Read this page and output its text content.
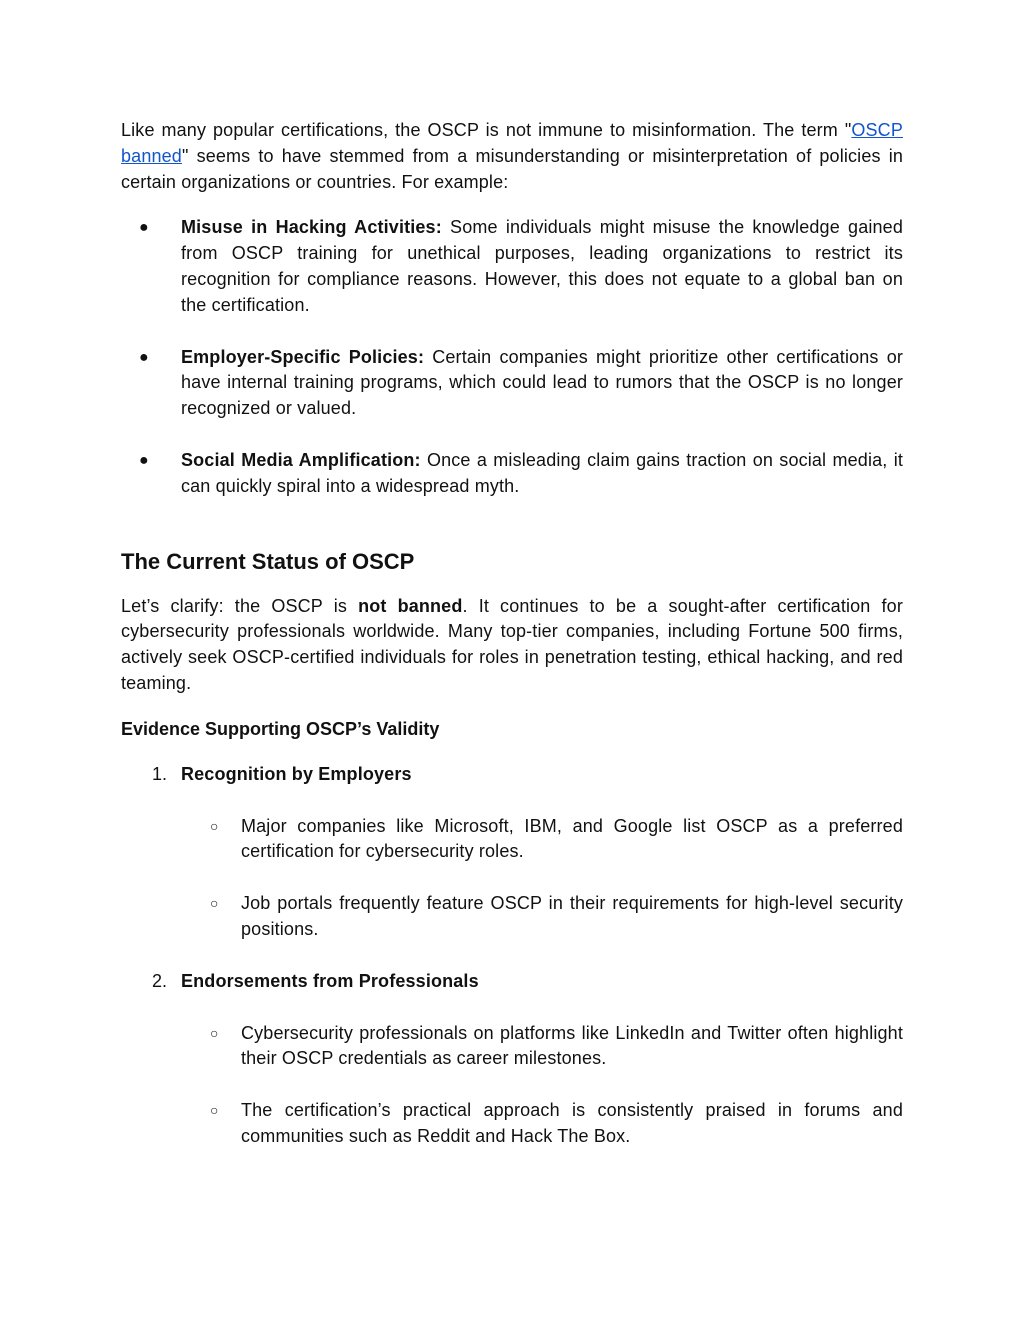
Like many popular certifications, the OSCP is not immune to misinformation. The term "OSCP banned" seems to have stemmed from a misunderstanding or misinterpretation of policies in certain organizations or countries. For example:

● Misuse in Hacking Activities: Some individuals might misuse the knowledge gained from OSCP training for unethical purposes, leading organizations to restrict its recognition for compliance reasons. However, this does not equate to a global ban on the certification.

● Employer-Specific Policies: Certain companies might prioritize other certifications or have internal training programs, which could lead to rumors that the OSCP is no longer recognized or valued.

● Social Media Amplification: Once a misleading claim gains traction on social media, it can quickly spiral into a widespread myth.

The Current Status of OSCP

Let’s clarify: the OSCP is not banned. It continues to be a sought-after certification for cybersecurity professionals worldwide. Many top-tier companies, including Fortune 500 firms, actively seek OSCP-certified individuals for roles in penetration testing, ethical hacking, and red teaming.

Evidence Supporting OSCP’s Validity
1. Recognition by Employers

○ Major companies like Microsoft, IBM, and Google list OSCP as a preferred certification for cybersecurity roles.

○ Job portals frequently feature OSCP in their requirements for high-level security positions.

2. Endorsements from Professionals

○ Cybersecurity professionals on platforms like LinkedIn and Twitter often highlight their OSCP credentials as career milestones.

○ The certification’s practical approach is consistently praised in forums and communities such as Reddit and Hack The Box.
